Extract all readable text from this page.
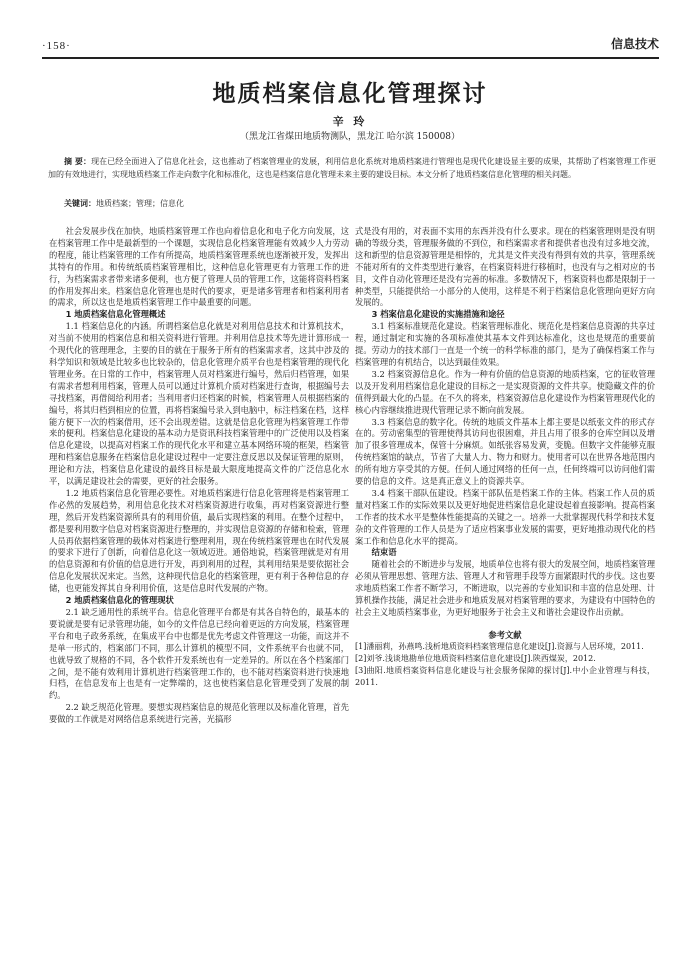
·158·	信息技术
地质档案信息化管理探讨
辛 玲
（黑龙江省煤田地质物测队，黑龙江 哈尔滨 150008）
摘 要：现在已经全面进入了信息化社会，这也推动了档案管理业的发展，利用信息化系统对地质档案进行管理也是现代化建设显主要的成果，其帮助了档案管理工作更加的有效地进行，实现地质档案工作走向数字化和标准化，这也是档案信息化管理未来主要的建设目标。本文分析了地质档案信息化管理的相关问题。
关键词：地质档案；管理；信息化

社会发展步伐在加快，地质档案管理工作也向着信息化和电子化方向发展，这在档案管理工作中是最新型的一个课题，实现信息化档案管理能有效减少人力劳动的程度，能让档案管理的工作有所提高，地质档案管理系统也逐渐被开发，发挥出其特有的作用。和传统纸质档案管理相比，这种信息化管理更有力管理工作的进行，为档案需求者带来诸多便利，也方便了管理人员的管理工作，这能将资料档案的作用发挥出来。档案信息化管理也是时代的要求，更是诸多管理者和档案利用者的需求，所以这也是地质档案管理工作中最重要的问题。

1 地质档案信息化管理概述

1.1 档案信息化的内涵。所谓档案信息化就是对利用信息技术和计算机技术，对当前不使用的档案信息和相关资料进行管理。并利用信息技术等先进计算形成一个现代化的管理理念，主要的目的就在于服务于所有的档案需求者，这其中涉及的科学知识和领域是比较多也比较杂的，信息化管理介质平台也是档案管理的现代化管理业务。在日常的工作中，档案管理人员对档案进行编号，然后归档管理，如果有需求者想利用档案，管理人员可以通过计算机介质对档案进行查询，根据编号去寻找档案，再借阅给利用者；当利用者归还档案的时候，档案管理人员根据档案的编号，将其归档到相应的位置，再将档案编号录入到电脑中，标注档案在档，这样能方便下一次的档案借用，还不会出现差错。这就是信息化管理为档案管理工作带来的便利。档案信息化建设的基本动力是资讯科技档案管理中的广泛使用以及档案信息化建设，以提高对档案工作的现代化水平和建立基本网络环境的框架，档案管理和档案信息服务在档案信息化建设过程中一定要注意反思以及保证管理的原则，理论和方法，档案信息化建设的最终目标是最大限度地提高文件的广泛信息化水平，以满足建设社会的需要，更好的社会服务。

1.2 地质档案信息化管理必要性。对地质档案进行信息化管理将是档案管理工作必然的发展趋势，利用信息化技术对档案资源进行收集，再对档案资源进行整理，然后开发档案资源所具有的利用价值，最后实现档案的利用。在整个过程中，都是要利用数字信息对档案资源进行整理的，并实现信息资源的存储和检索，管理人员再依据档案管理的载体对档案进行整理利用，现在传统档案管理也在时代发展的要求下进行了创新，向着信息化这一领域迈进。通俗地说，档案管理就是对有用的信息资源和有价值的信息进行开发，再到利用的过程，其利用结果是要依据社会信息化发展状况来定。当然，这种现代信息化的档案管理，更有利于各种信息的存储，也更能发挥其自身利用价值，这是信息时代发展的产物。

2 地质档案信息化的管理现状

2.1 缺乏通用性的系统平台。信息化管理平台都是有其各自特色的，最基本的要说就是要有记录管理功能，如今的文件信息已经向着更远的方向发展，档案管理平台和电子政务系统，在集成平台中也都是优先考虑文件管理这一功能，而这并不是单一形式的，档案部门不同，那么计算机的模型不同，文件系统平台也就不同，也就导致了规格的不同，各个软件开发系统也有一定差异的。所以在各个档案部门之间，是不能有效利用计算机进行档案管理工作的，也不能对档案资料进行快速地归档，在信息发布上也是有一定弊端的，这也使档案信息化管理受到了发展的制约。

2.2 缺乏规范化管理。要想实现档案信息的规范化管理以及标准化管理，首先要做的工作就是对网络信息系统进行完善，光搞形

式是没有用的，对表面不实用的东西并没有什么要求。现在的档案管理则是没有明确的等级分类，管理服务做的不到位，和档案需求者和提供者也没有过多地交流，这和新型的信息资源管理是相悖的，尤其是文件夹没有得到有效的共享，管理系统不能对所有的文件类型进行兼容，在档案资料进行移植时，也没有与之相对应的书目，文件自动化管理还是没有完善的标准。多数情况下，档案资料也都是限制于一种类型，只能提供给一小部分的人使用，这样是不利于档案信息化管理向更好方向发展的。

3 档案信息化建设的实施措施和途径

3.1 档案标准规范化建设。档案管理标准化、规范化是档案信息资源的共享过程，通过制定和实施的各项标准使其基本文件到达标准化，这也是规范的重要前提。劳动力的技术部门一直是一个统一的科学标准的部门，是为了确保档案工作与档案管理的有机结合，以达到最佳效果。

3.2 档案资源信息化。作为一种有价值的信息资源的地质档案，它的征收管理以及开发利用档案信息化建设的目标之一是实现资源的文件共享。使隐藏文件的价值得到最大化的凸显。在不久的将来，档案资源信息化建设作为档案管理现代化的核心内容继续推进现代管理记录不断向前发展。

3.3 档案信息的数字化。传统的地质文件基本上都主要是以纸张文件的形式存在的。劳动密集型的管理使得其访问也很困难，并且占用了很多的仓库空间以及增加了很多管理成本，保管十分麻烦。如纸张容易发黄，变脆。但数字文件能够克服传统档案馆的缺点，节省了大量人力、物力和财力。使用者可以在世界各地范围内的所有地方享受其的方便。任何人通过网络的任何一点，任何终端可以访问他们需要的信息的文件。这是真正意义上的资源共享。

3.4 档案干部队伍建设。档案干部队伍是档案工作的主体。档案工作人员的质量对档案工作的实际效果以及更好地促进档案信息化建设起着直接影响。提高档案工作者的技术水平是整体性能提高的关键之一。培养一大批掌握现代科学和技术复杂的文件管理的工作人员是为了适应档案事业发展的需要，更好地推动现代化的档案工作和信息化水平的提高。

结束语

随着社会的不断进步与发展，地质单位也将有很大的发展空间，地质档案管理必须从管理思想、管理方法、管理人才和管理手段等方面紧跟时代的步伐。这也要求地质档案工作者不断学习，不断进取，以完善的专业知识和丰富的信息处理、计算机操作技能，满足社会进步和地质发展对档案管理的要求，为建设有中国特色的社会主义地质档案事业，为更好地服务于社会主义和谐社会建设作出贡献。

参考文献

[1]潘丽莉，孙燕鸣.浅析地质资料档案管理信息化建设[J].资源与人居环境，2011.

[2]刘爷.浅谈地勘单位地质资料档案信息化建设[J].陕西煤炭，2012.

[3]曲阳.地质档案资料信息化建设与社会服务保障的探讨[J].中小企业管理与科技，2011.
